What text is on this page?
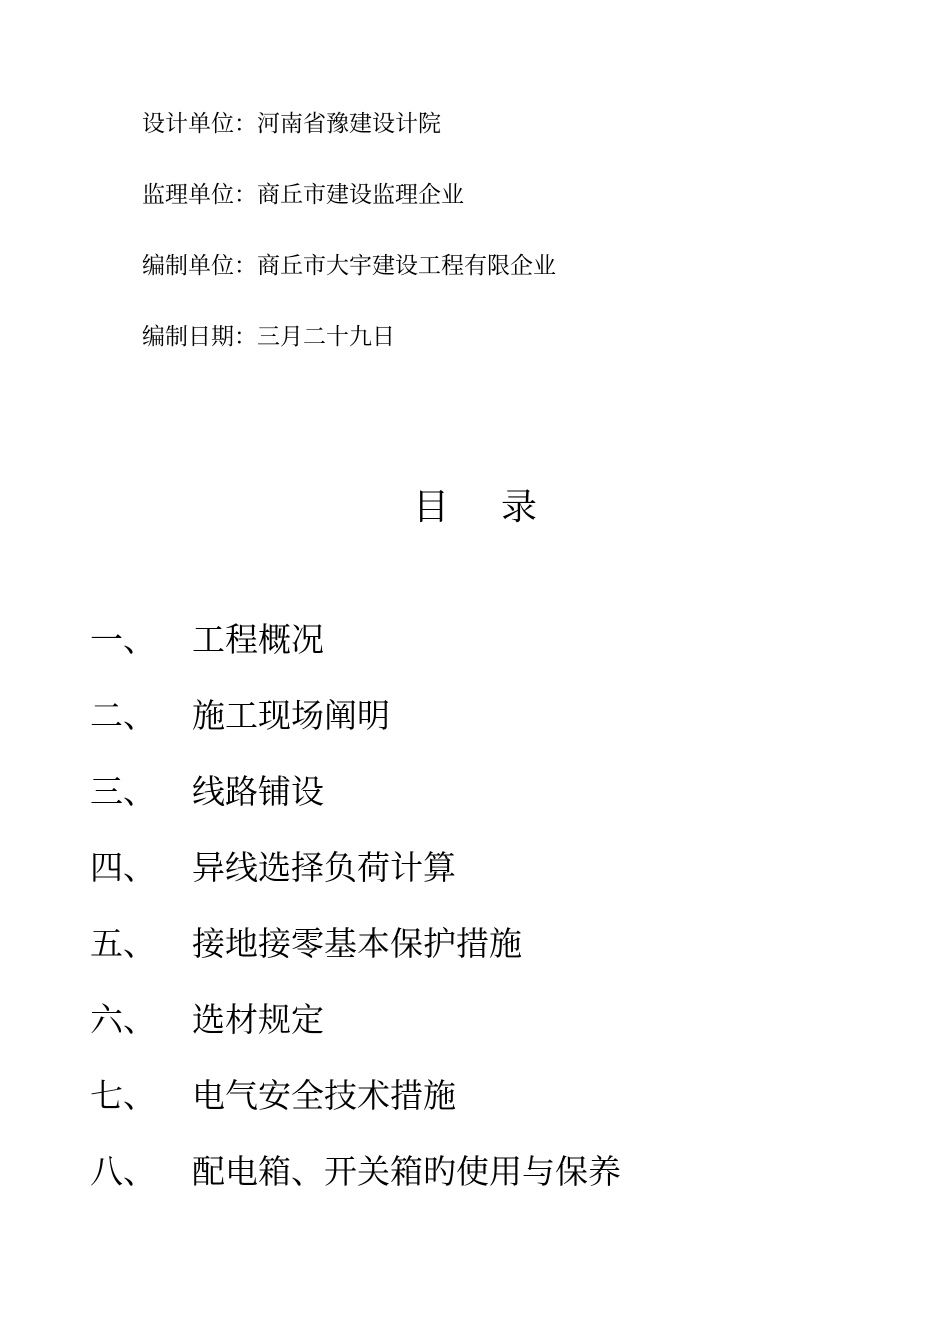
设计单位：河南省豫建设计院
监理单位：商丘市建设监理企业
编制单位：商丘市大宇建设工程有限企业
编制日期：三月二十九日
目 录
一、 工程概况
二、 施工现场阐明
三、 线路铺设
四、 异线选择负荷计算
五、 接地接零基本保护措施
六、 选材规定
七、 电气安全技术措施
八、 配电箱、开关箱旳使用与保养
